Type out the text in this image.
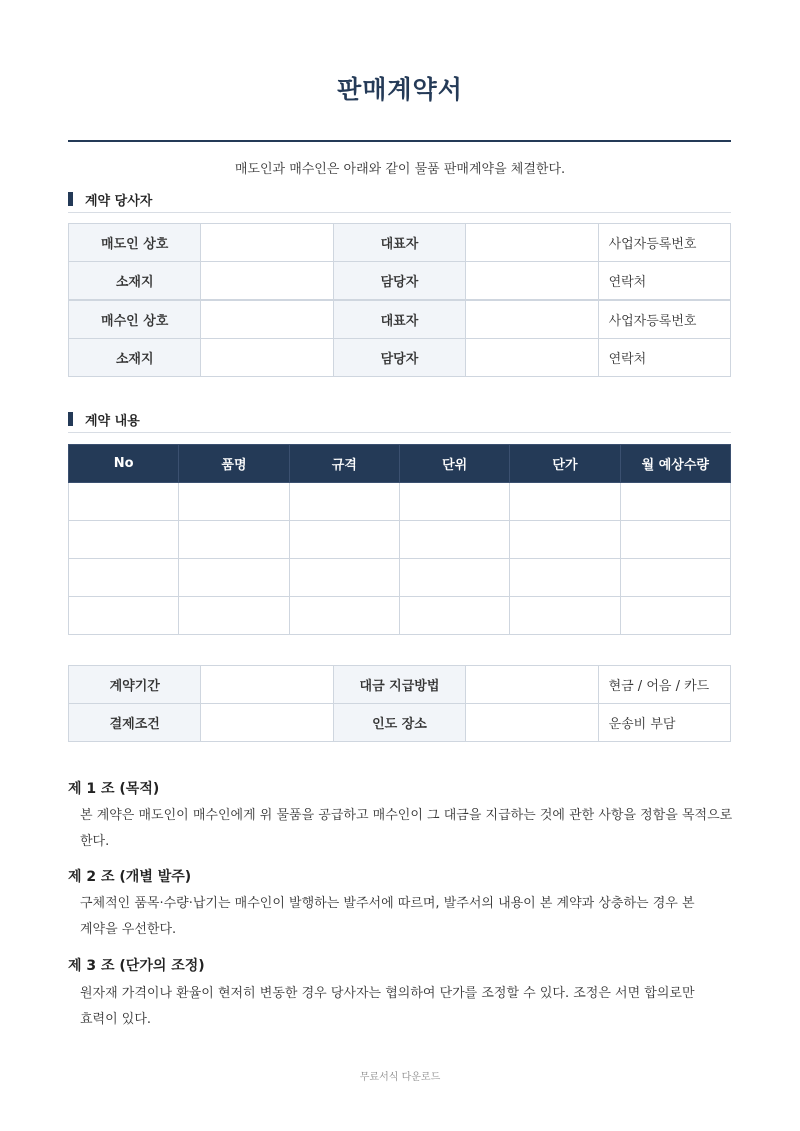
판매계약서
매도인과 매수인은 아래와 같이 물품 판매계약을 체결한다.
계약 당사자
매도인 상호		대표자		사업자등록번호
소재지		담당자		연락처
매수인 상호		대표자		사업자등록번호
소재지		담당자		연락처
계약 내용
No	품명	규격	단위	단가	월 예상수량

계약기간		대금 지급방법		현금 / 어음 / 카드
결제조건		인도 장소		운송비 부담
제 1 조 (목적)
본 계약은 매도인이 매수인에게 위 물품을 공급하고 매수인이 그 대금을 지급하는 것에 관한 사항을 정함을 목적으로 한다.
제 2 조 (개별 발주)
구체적인 품목·수량·납기는 매수인이 발행하는 발주서에 따르며, 발주서의 내용이 본 계약과 상충하는 경우 본 계약을 우선한다.
제 3 조 (단가의 조정)
원자재 가격이나 환율이 현저히 변동한 경우 당사자는 협의하여 단가를 조정할 수 있다. 조정은 서면 합의로만 효력이 있다.
무료서식 다운로드
